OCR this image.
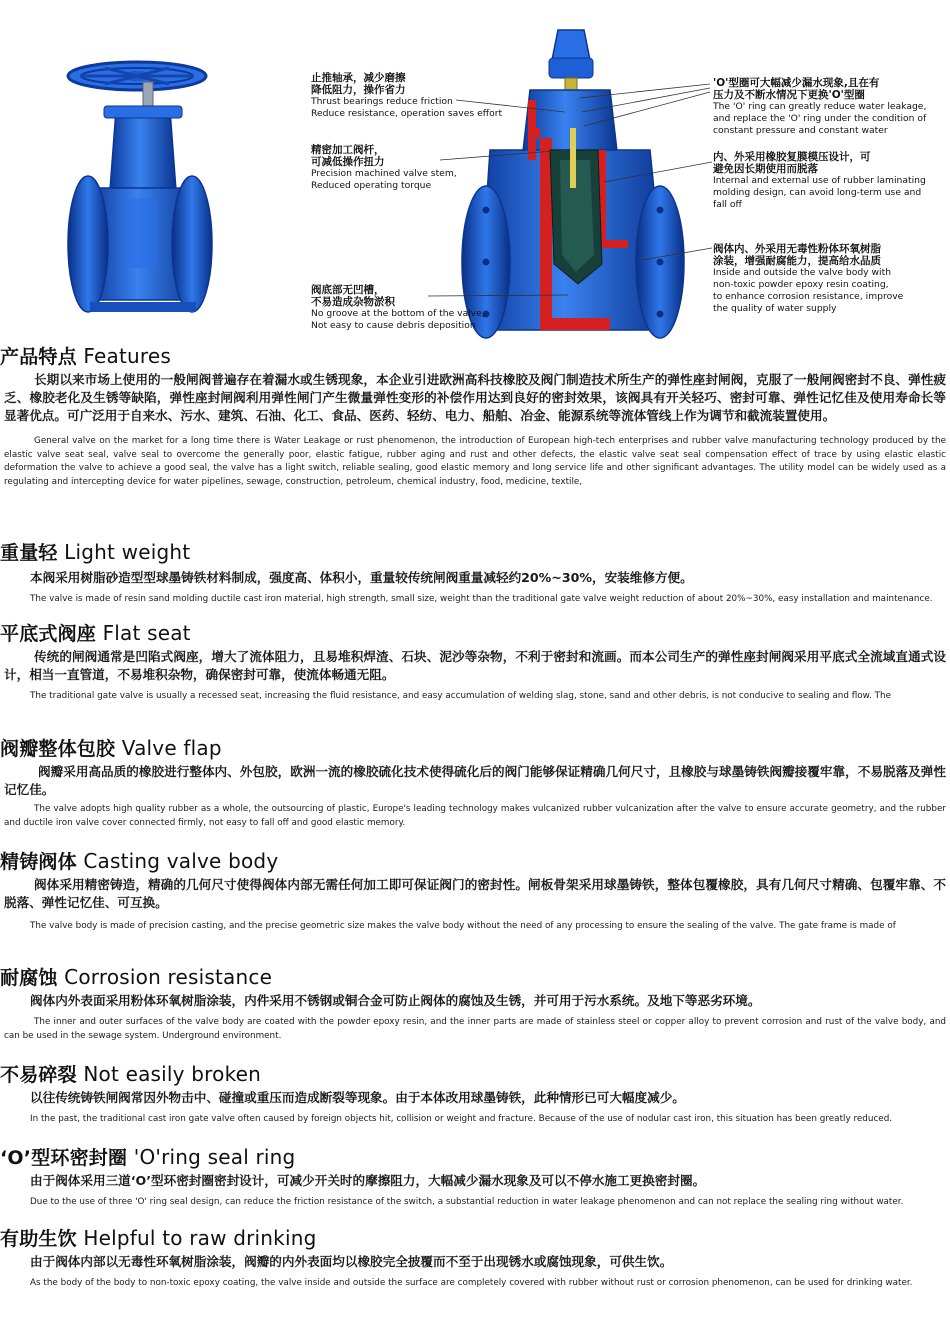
止推轴承，减少磨擦
降低阻力，操作省力
Thrust bearings reduce friction
Reduce resistance, operation saves effort
精密加工阀杆，
可减低操作扭力
Precision machined valve stem,
Reduced operating torque
阀底部无凹槽，
不易造成杂物淤积
No groove at the bottom of the valve,
Not easy to cause debris deposition
'O'型圈可大幅减少漏水现象,且在有
压力及不断水情况下更换'O'型圈
The 'O' ring can greatly reduce water leakage,
and replace the 'O' ring under the condition of
constant pressure and constant water
内、外采用橡胶复膜模压设计，可
避免因长期使用而脱落
Internal and external use of rubber laminating
molding design, can avoid long-term use and
fall off
阀体内、外采用无毒性粉体环氧树脂
涂装，增强耐腐能力，提高给水品质
Inside and outside the valve body with
non-toxic powder epoxy resin coating,
to enhance corrosion resistance, improve
the quality of water supply
产品特点 Features

长期以来市场上使用的一般闸阀普遍存在着漏水或生锈现象，本企业引进欧洲高科技橡胶及阀门制造技术所生产的弹性座封闸阀，克服了一般闸阀密封不良、弹性疲乏、橡胶老化及生锈等缺陷，弹性座封闸阀利用弹性闸门产生微量弹性变形的补偿作用达到良好的密封效果，该阀具有开关轻巧、密封可靠、弹性记忆佳及使用寿命长等显著优点。可广泛用于自来水、污水、建筑、石油、化工、食品、医药、轻纺、电力、船舶、冶金、能源系统等流体管线上作为调节和截流装置使用。

General valve on the market for a long time there is Water Leakage or rust phenomenon, the introduction of European high-tech enterprises and rubber valve manufacturing technology produced by the elastic valve seat seal, valve seal to overcome the generally poor, elastic fatigue, rubber aging and rust and other defects, the elastic valve seat seal compensation effect of trace by using elastic elastic deformation the valve to achieve a good seal, the valve has a light switch, reliable sealing, good elastic memory and long service life and other significant advantages. The utility model can be widely used as a regulating and intercepting device for water pipelines, sewage, construction, petroleum, chemical industry, food, medicine, textile,

重量轻 Light weight

本阀采用树脂砂造型型球墨铸铁材料制成，强度高、体积小，重量较传统闸阀重量减轻约20%~30%，安装维修方便。

The valve is made of resin sand molding ductile cast iron material, high strength, small size, weight than the traditional gate valve weight reduction of about 20%~30%, easy installation and maintenance.

平底式阀座 Flat seat

传统的闸阀通常是凹陷式阀座，增大了流体阻力，且易堆积焊渣、石块、泥沙等杂物，不利于密封和流画。而本公司生产的弹性座封闸阀采用平底式全流域直通式设计，相当一直管道，不易堆积杂物，确保密封可靠，使流体畅通无阻。

The traditional gate valve is usually a recessed seat, increasing the fluid resistance, and easy accumulation of welding slag, stone, sand and other debris, is not conducive to sealing and flow. The

阀瓣整体包胶 Valve flap

阀瓣采用高品质的橡胶进行整体内、外包胶，欧洲一流的橡胶硫化技术使得硫化后的阀门能够保证精确几何尺寸，且橡胶与球墨铸铁阀瓣接覆牢靠，不易脱落及弹性记忆佳。

The valve adopts high quality rubber as a whole, the outsourcing of plastic, Europe's leading technology makes vulcanized rubber vulcanization after the valve to ensure accurate geometry, and the rubber and ductile iron valve cover connected firmly, not easy to fall off and good elastic memory.

精铸阀体 Casting valve body

阀体采用精密铸造，精确的几何尺寸使得阀体内部无需任何加工即可保证阀门的密封性。闸板骨架采用球墨铸铁，整体包覆橡胶，具有几何尺寸精确、包覆牢靠、不脱落、弹性记忆佳、可互换。

The valve body is made of precision casting, and the precise geometric size makes the valve body without the need of any processing to ensure the sealing of the valve. The gate frame is made of

耐腐蚀 Corrosion resistance

阀体内外表面采用粉体环氧树脂涂装，内件采用不锈钢或铜合金可防止阀体的腐蚀及生锈，并可用于污水系统。及地下等恶劣环境。

The inner and outer surfaces of the valve body are coated with the powder epoxy resin, and the inner parts are made of stainless steel or copper alloy to prevent corrosion and rust of the valve body, and can be used in the sewage system. Underground environment.

不易碎裂 Not easily broken

以往传统铸铁闸阀常因外物击中、碰撞或重压而造成断裂等现象。由于本体改用球墨铸铁，此种情形已可大幅度减少。

In the past, the traditional cast iron gate valve often caused by foreign objects hit, collision or weight and fracture. Because of the use of nodular cast iron, this situation has been greatly reduced.

‘O’型环密封圈 'O'ring seal ring

由于阀体采用三道‘O’型环密封圈密封设计，可减少开关时的摩擦阻力，大幅减少漏水现象及可以不停水施工更换密封圈。

Due to the use of three 'O' ring seal design, can reduce the friction resistance of the switch, a substantial reduction in water leakage phenomenon and can not replace the sealing ring without water.

有助生饮 Helpful to raw drinking

由于阀体内部以无毒性环氧树脂涂装，阀瓣的内外表面均以橡胶完全披覆而不至于出现锈水或腐蚀现象，可供生饮。

As the body of the body to non-toxic epoxy coating, the valve inside and outside the surface are completely covered with rubber without rust or corrosion phenomenon, can be used for drinking water.
